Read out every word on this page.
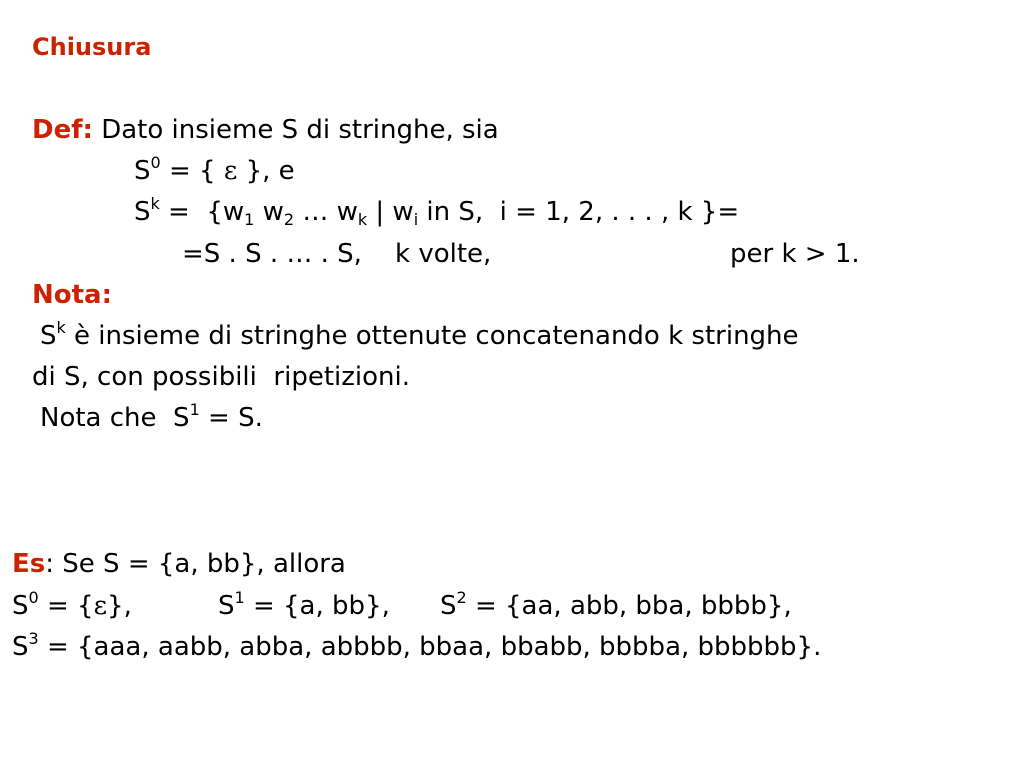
Chiusura
Def: Dato insieme S di stringhe, sia
$S^0$ = { ε }, e
$S^k = \{w_1$ $w_2$ … $w_k$ | $w_i$ in S,  i = 1, 2, . . . , k }=
=S . S . … . S,    k volte,	per k > 1.
Nota:
$S^k$ è insieme di stringhe ottenute concatenando k stringhe
di S, con possibili  ripetizioni.
Nota che  $S^1 = S$.
Es: Se S = {a, bb}, allora
$S^0 = \{\varepsilon\}$,	$S^1 = \{a$, bb}, $S^2 = \{aa$, abb, bba, bbbb},
$S^3 = \{aaa$, aabb, abba, abbbb, bbaa, bbabb, bbbba, bbbbbb}.
